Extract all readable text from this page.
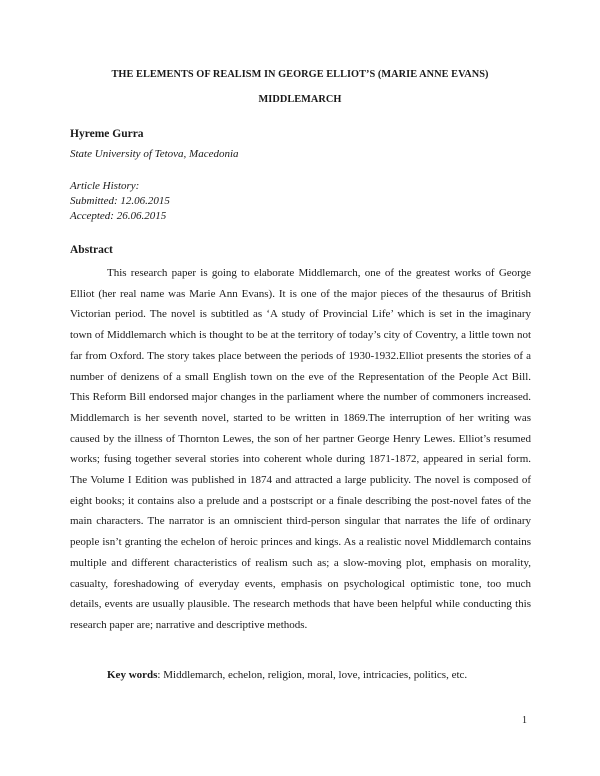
THE ELEMENTS OF REALISM IN GEORGE ELLIOT’S (MARIE ANNE EVANS)
MIDDLEMARCH
Hyreme Gurra
State University of Tetova, Macedonia
Article History:
Submitted: 12.06.2015
Accepted: 26.06.2015
Abstract

This research paper is going to elaborate Middlemarch, one of the greatest works of George Elliot (her real name was Marie Ann Evans). It is one of the major pieces of the thesaurus of British Victorian period. The novel is subtitled as ‘A study of Provincial Life’ which is set in the imaginary town of Middlemarch which is thought to be at the territory of today’s city of Coventry, a little town not far from Oxford. The story takes place between the periods of 1930-1932.Elliot presents the stories of a number of denizens of a small English town on the eve of the Representation of the People Act Bill. This Reform Bill endorsed major changes in the parliament where the number of commoners increased. Middlemarch is her seventh novel, started to be written in 1869.The interruption of her writing was caused by the illness of Thornton Lewes, the son of her partner George Henry Lewes. Elliot’s resumed works; fusing together several stories into coherent whole during 1871-1872, appeared in serial form. The Volume I Edition was published in 1874 and attracted a large publicity. The novel is composed of eight books; it contains also a prelude and a postscript or a finale describing the post-novel fates of the main characters. The narrator is an omniscient third-person singular that narrates the life of ordinary people isn’t granting the echelon of heroic princes and kings. As a realistic novel Middlemarch contains multiple and different characteristics of realism such as; a slow-moving plot, emphasis on morality, casualty, foreshadowing of everyday events, emphasis on psychological optimistic tone, too much details, events are usually plausible. The research methods that have been helpful while conducting this research paper are; narrative and descriptive methods.

Key words: Middlemarch, echelon, religion, moral, love, intricacies, politics, etc.
1
